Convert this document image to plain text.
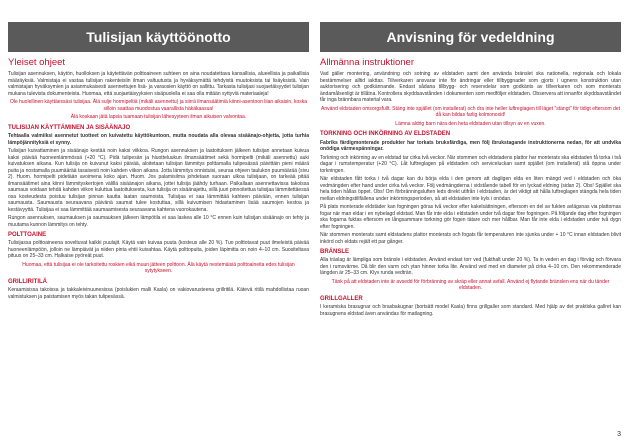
Tulisijan käyttöönotto
Yleiset ohjeet

Tulisijan asennuksen, käytön, huolloksen ja käytettävän polttoaineen suhteen on aina noudatettava kansallisia, alueellisia ja paikallisia määräyksiä. Valmistaja ei vastaa tulisijan rakenteisiin ilman valtuutusta ja hyväksymättä tehdyistä muutoksista tai lisäyksistä. Vain valmistajan hyväksymien ja asianmukaisesti asennettujen lisä- ja varaosien käyttö on sallittu. Tarkasta tulisijasi suojaetäisyydet tulisijan mukana tulevista dokumenteista. Huomaa, että suojaetäisyyksien sisäpuolella ei saa olla mitään syttyviä materiaaleja!

Ole huolellinen käyttäessäsi tulisijaa. Älä sulje hormipeltiä (mikäli asennettu) ja siirrä ilmansäätimiä kiinni-asentoon liian aikaisin, koska silloin saattaa muodostua vaarallista häkäkaasua!

Älä koskaan jätä lapsia tuamaan tulisijan lähesyyteen ilman aikuisen valvontaa.

TULISIJAN KÄYTTÄMINEN JA SISÄÄNAJO

Tehtaalla valmiiksi asennetut tuotteet on kuivatettu käyttökuntoon, mutta noudata alla olevaa sisäänajo-ohjetta, jotta turhia lämpöjännityksiä ei synny.

Tulisijan kuivattaminen ja sisäänajo kestää noin kaksi viikkoa. Rungon asennuksen ja laatoituksen jälkeen tulisijan annetaan kuivua kaksi päivää huoneenlämmössä (+20 °C). Pidä tulipesän ja hiuotteluukun ilmansäätimet sekä hormipelti (mikäli asennettu) auki kuivatuksen aikana. Kun tulisija on kuivunut kaksi päivää, aloitetaan tulisijan lämmitys polttamalla tulipesässä päivittäin pieni määrä puita ja nostamalla puumäärää tasaisesti noin kahden viikon aikana. Jotta lämmitys onnistuisi, seuraa ohjeen taulukon puumäärää (sivu 2). Huom. hormipelti pidetään avoimena koko ajan. Huom. Jos palamisilma johdetaan suoraan ulkoa tulisijaan, on tarkeää pitää ilmansäätimet aina kiinni lämmityskertojen välillä sisäänajon aikana, jottei tulisija jäähdy turhaan. Paikallaan asennettavissa takoissa saumaus voidaan tehdä kahden viikon kuluttua laatoituksesta, kun tulisija on sisäänajettu, sillä juuri pinnoitettua tulisijaa lämmitettäessä osa kosteudesta poistuu tulisijan pinnan kautta laatan saumoista. Tulisijaa ei saa lämmittää kahteen päivään, ennen tulisijan saumausta. Saumausta seuraavana päivänä saumat tulee kostuttaa, sillä kuivumisen hidastaminen lisää saumojen kestoa ja kestävyyttä. Tulisijaa ei saa lämmittää saumaamisesta seuraavana kahtena vuorokautena.

Rungon asennuksen, saumauksen ja saumauksen jälkeen lämpötila ei saa laskea alle 10 °C ennen kuin tulisijan sisäänajo on tehty ja muutama kunnon lämmitys on tehty.

POLTTOAINE

Tulisijassa polttoaineena soveltuvat kaikki puulajit. Käytä vain kuivaa puuta (kosteus alle 20 %). Tuo polttotavat puut ilmeleistä päivää huoneenlämpöön, jolloin ne lämpiävät ja niiden pinta ehtii kuivahtaa. Käytä polttopuita, joiden läpimitta on noin 4–10 cm. Suositeltava pituus on 25–33 cm. Halkaise pyöreät puut.

Huomaa, että tulisijaa ei ole tarkoitettu roskien eikä muun jätteen polttoon. Älä käytä nestemäisiä polttoaineita edes tulisijan sytytykseen.

GRILLIRITILÄ

Keraamisissa takoissa ja takkaleivinuunesissa (poislukien malli Kasla) on vakiovarusteena grillritilä. Kätevä ritilä mahdollistaa ruoan valmistuksen ja paistamisen myös takan tulipesässä.

Anvisning för vedeldning
Allmänna instruktioner

Vad gäller montering, användning och sotning av eldstaden samt den använda bränslet ska nationella, regionala och lokala bestämmelser alltid iakttas. Tillverkaren ansvarar inte för ändringar eller tillbyggnader som gjorts i ugnens konstruktion utan auktorisering och godkännande. Endast sådana tillbygg- och reservdelar som godkänts av tillverkaren och som monterats ändamålsenligt är tillåtna. Kontrollera skyddsavstånden i dokumenten som medföljer eldstaden. Observera att innanför skyddsavståndet får inga brännbara material vara.

Använd eldstaden omsorgsfullt. Stäng inte spjället (om installerat) och dra inte heller luftreglagen till läget "stängt" för tidigt eftersom det då kan bildas farlig kolmonoxid!

Lämna aldrig barn nära den heta eldstaden utan tillsyn av en vuxen.

TORKNING OCH INKÖRNING AV ELDSTADEN

Fabriks färdigmonterade produkter har torkats bruksfärdiga, men följ ibrukstagande instruktionerna nedan, för att undvika onödiga värmespänningar.

Torkning och inkörning av en eldstad tar cirka två veckor. När stommen och eldstadens plattor har monterats ska eldstaden få torka i två dagar i rumstemperatur (+20 °C). Låt luftreglagen på eldstaden och serviceluckan samt spjället (om installerat) stå öppna under torkningen.

När eldstaden fått torka i två dagar kan du börja elda i den genom att dagligen elda en liten mängd ved i eldstaden och öka vedmängden efter hand under cirka två veckor. Följ vedmängderna i vidstående tabell för en lyckad eldning (sidan 2). Obs! Spjället ska hela tiden hållas öppet. Obs! Om förbränningsluften leds direkt utifrån i eldstaden, är det viktigt att hålla luftreglagen stängda hela tiden mellan eldningstillfällena under inkörningsperioden, så att eldstaden inte kyls i onödan.

På plats monterade eldstäder kan fogningen göras två veckor efter kakelsättningen, eftersom en del av fukten avlägsnas via plattornas fogar när man eldar i en nybelagd eldstad. Man får inte elda i eldstaden under två dagar före fogningen. På följande dag efter fogningen ska fogarna fuktas eftersom en långsammare torkning gör fogen tätare och mer hållbar. Man får inte elda i eldstaden under två dygn efter fogningen.

När stommen monterats samt eldstadens plattor monterats och fogats får temperaturen inte sjunka under + 10 °C innan eldstaden blivit inkörd och eldats rejält ett par gånger.

BRÄNSLE

Alla träslag är lämpliga som bränsle i eldstaden. Använd endast torr ved (fukthalt under 20 %). Ta in veden en dag i förväg och förvara den i rumsvärme. Då blir den varm och ytan hinner torka lite. Använd ved med en diameter på cirka 4–10 cm. Den rekommenderade längden är 25–33 cm. Klyv runda vedträn.

Tänk på att eldstaden inte är avsedd för förbränning av skräp eller annat avfall. Använd ej flytande bränslen ens när du tänder eldstaden.

GRILLGALLER

I keramiska brasugnar och brasbakugnar (bortsätt model Kasla) finns grillgaller som standard. Med hjälp av det praktiska gallret kan brasugnens eldstad även användas för matlagning.

3
